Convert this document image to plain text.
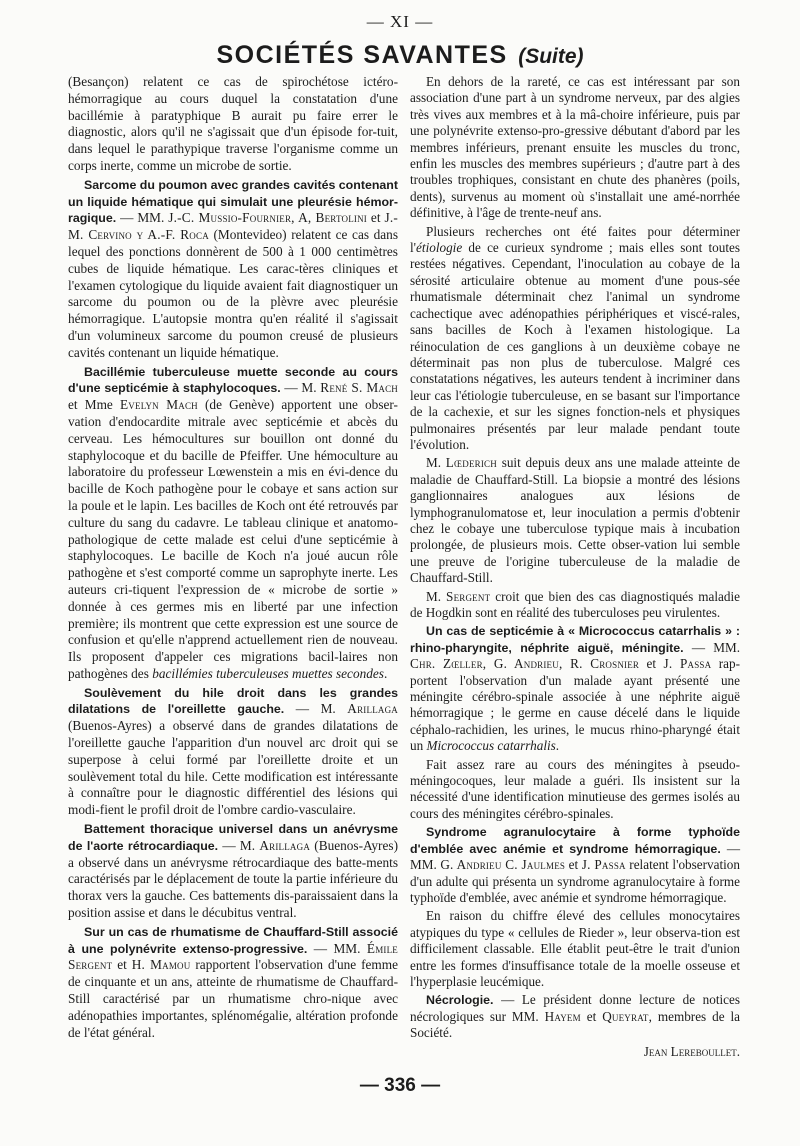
— XI —
SOCIÉTÉS SAVANTES (Suite)

(Besançon) relatent ce cas de spirochétose ictéro-hémorragique au cours duquel la constatation d'une bacillémie à paratyphique B aurait pu faire errer le diagnostic, alors qu'il ne s'agissait que d'un épisode for-tuit, dans lequel le parathypique traverse l'organisme comme un corps inerte, comme un microbe de sortie.

Sarcome du poumon avec grandes cavités contenant un liquide hématique qui simulait une pleurésie hémor-ragique. — MM. J.-C. Mussio-Fournier, A, Bertolini et J.-M. Cervino y A.-F. Roca (Montevideo) relatent ce cas dans lequel des ponctions donnèrent de 500 à 1 000 centimètres cubes de liquide hématique. Les carac-tères cliniques et l'examen cytologique du liquide avaient fait diagnostiquer un sarcome du poumon ou de la plèvre avec pleurésie hémorragique. L'autopsie montra qu'en réalité il s'agissait d'un volumineux sarcome du poumon creusé de plusieurs cavités contenant un liquide hématique.

Bacillémie tuberculeuse muette seconde au cours d'une septicémie à staphylocoques. — M. René S. Mach et Mme Evelyn Mach (de Genève) apportent une obser-vation d'endocardite mitrale avec septicémie et abcès du cerveau. Les hémocultures sur bouillon ont donné du staphylocoque et du bacille de Pfeiffer. Une hémoculture au laboratoire du professeur Lœwenstein a mis en évi-dence du bacille de Koch pathogène pour le cobaye et sans action sur la poule et le lapin. Les bacilles de Koch ont été retrouvés par culture du sang du cadavre. Le tableau clinique et anatomo-pathologique de cette malade est celui d'une septicémie à staphylocoques. Le bacille de Koch n'a joué aucun rôle pathogène et s'est comporté comme un saprophyte inerte. Les auteurs cri-tiquent l'expression de « microbe de sortie » donnée à ces germes mis en liberté par une infection première; ils montrent que cette expression est une source de confusion et qu'elle n'apprend actuellement rien de nouveau. Ils proposent d'appeler ces migrations bacil-laires non pathogènes des bacillémies tuberculeuses muettes secondes.

Soulèvement du hile droit dans les grandes dilatations de l'oreillette gauche. — M. Arillaga (Buenos-Ayres) a observé dans de grandes dilatations de l'oreillette gauche l'apparition d'un nouvel arc droit qui se superpose à celui formé par l'oreillette droite et un soulèvement total du hile. Cette modification est intéressante à connaître pour le diagnostic différentiel des lésions qui modi-fient le profil droit de l'ombre cardio-vasculaire.

Battement thoracique universel dans un anévrysme de l'aorte rétrocardiaque. — M. Arillaga (Buenos-Ayres) a observé dans un anévrysme rétrocardiaque des batte-ments caractérisés par le déplacement de toute la partie inférieure du thorax vers la gauche. Ces battements dis-paraissaient dans la position assise et dans le décubitus ventral.

Sur un cas de rhumatisme de Chauffard-Still associé à une polynévrite extenso-progressive. — MM. Émile Sergent et H. Mamou rapportent l'observation d'une femme de cinquante et un ans, atteinte de rhumatisme de Chauffard-Still caractérisé par un rhumatisme chro-nique avec adénopathies importantes, splénomégalie, altération profonde de l'état général.

En dehors de la rareté, ce cas est intéressant par son association d'une part à un syndrome nerveux, par des algies très vives aux membres et à la mâ-choire inférieure, puis par une polynévrite extenso-pro-gressive débutant d'abord par les membres inférieurs, prenant ensuite les muscles du tronc, enfin les muscles des membres supérieurs ; d'autre part à des troubles trophiques, consistant en chute des phanères (poils, dents), survenus au moment où s'installait une amé-norrhée définitive, à l'âge de trente-neuf ans.

Plusieurs recherches ont été faites pour déterminer l'étiologie de ce curieux syndrome ; mais elles sont toutes restées négatives. Cependant, l'inoculation au cobaye de la sérosité articulaire obtenue au moment d'une pous-sée rhumatismale déterminait chez l'animal un syndrome cachectique avec adénopathies périphériques et viscé-rales, sans bacilles de Koch à l'examen histologique. La réinoculation de ces ganglions à un deuxième cobaye ne déterminait pas non plus de tuberculose. Malgré ces constatations négatives, les auteurs tendent à incriminer dans leur cas l'étiologie tuberculeuse, en se basant sur l'importance de la cachexie, et sur les signes fonction-nels et physiques pulmonaires présentés par leur malade pendant toute l'évolution.

M. Lœderich suit depuis deux ans une malade atteinte de maladie de Chauffard-Still. La biopsie a montré des lésions ganglionnaires analogues aux lésions de lymphogranulomatose et, leur inoculation a permis d'obtenir chez le cobaye une tuberculose typique mais à incubation prolongée, de plusieurs mois. Cette obser-vation lui semble une preuve de l'origine tuberculeuse de la maladie de Chauffard-Still.

M. Sergent croit que bien des cas diagnostiqués maladie de Hogdkin sont en réalité des tuberculoses peu virulentes.

Un cas de septicémie à « Micrococcus catarrhalis » : rhino-pharyngite, néphrite aiguë, méningite. — MM. Chr. Zœller, G. Andrieu, R. Crosnier et J. Passa rap-portent l'observation d'un malade ayant présenté une méningite cérébro-spinale associée à une néphrite aiguë hémorragique ; le germe en cause décelé dans le liquide céphalo-rachidien, les urines, le mucus rhino-pharyngé était un Micrococcus catarrhalis.

Fait assez rare au cours des méningites à pseudo-méningocoques, leur malade a guéri. Ils insistent sur la nécessité d'une identification minutieuse des germes isolés au cours des méningites cérébro-spinales.

Syndrome agranulocytaire à forme typhoïde d'emblée avec anémie et syndrome hémorragique. — MM. G. Andrieu C. Jaulmes et J. Passa relatent l'observation d'un adulte qui présenta un syndrome agranulocytaire à forme typhoïde d'emblée, avec anémie et syndrome hémorragique.

En raison du chiffre élevé des cellules monocytaires atypiques du type « cellules de Rieder », leur observa-tion est difficilement classable. Elle établit peut-être le trait d'union entre les formes d'insuffisance totale de la moelle osseuse et l'hyperplasie leucémique.

Nécrologie. — Le président donne lecture de notices nécrologiques sur MM. Hayem et Queyrat, membres de la Société.

Jean Lereboullet.

— 336 —
